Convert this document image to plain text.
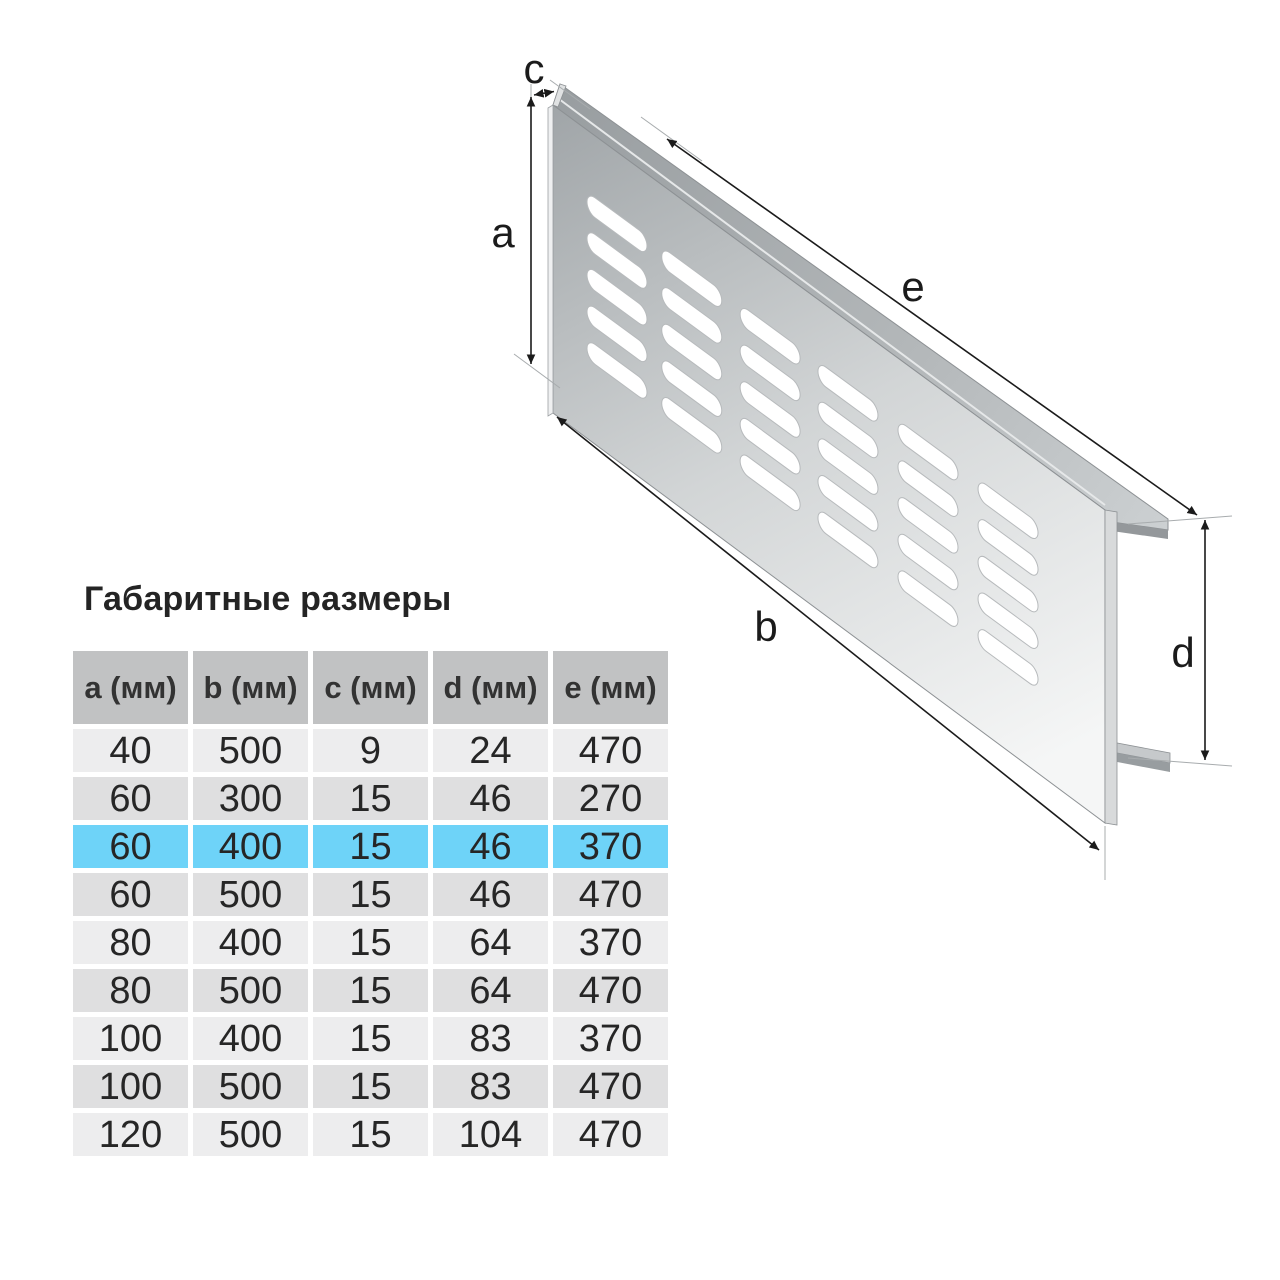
c
a
e
b
d
Габаритные размеры
a (мм) b (мм) c (мм) d (мм) e (мм)
40	500	9	24	470
60	300	15	46	270
60	400	15	46	370
60	500	15	46	470
80	400	15	64	370
80	500	15	64	470
100	400	15	83	370
100	500	15	83	470
120	500	15	104	470
